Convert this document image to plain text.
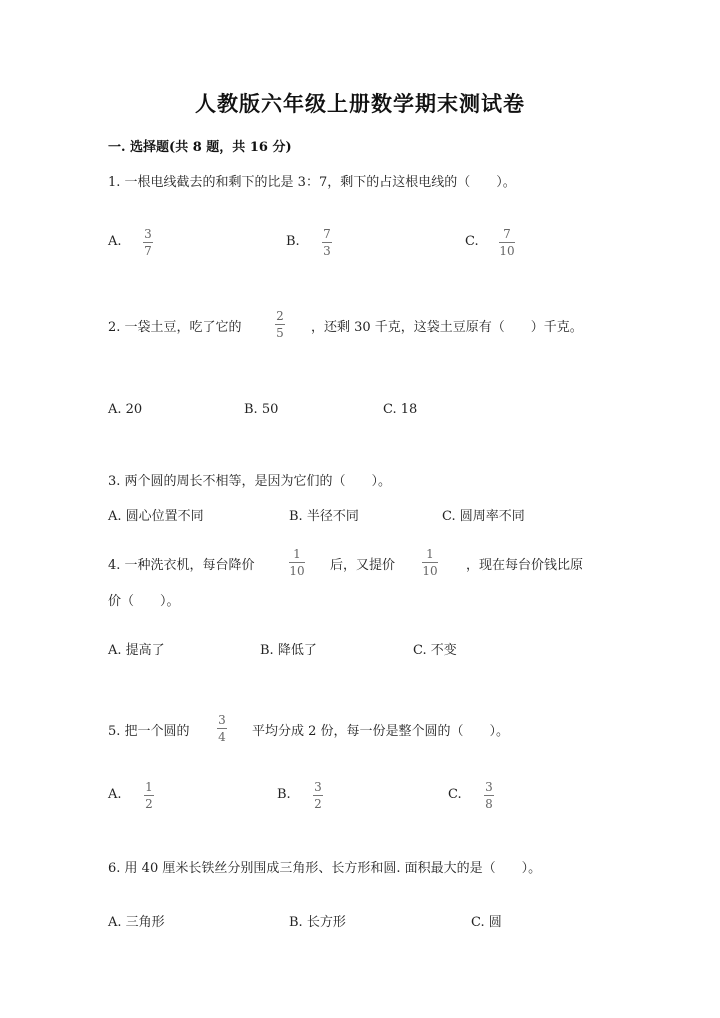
人教版六年级上册数学期末测试卷
一. 选择题(共 8 题，共 16 分)
1. 一根电线截去的和剩下的比是 3：7，剩下的占这根电线的（　　）。
A. 3
7
B. 7
3
C. 7
10
2. 一袋土豆，吃了它的
2
5 ，还剩 30 千克，这袋土豆原有（　　）千克。
A. 20	B. 50	C. 18
3. 两个圆的周长不相等，是因为它们的（　　）。
A. 圆心位置不同	B. 半径不同	C. 圆周率不同
4. 一种洗衣机，每台降价
1
10 后，又提价
1
10 ，现在每台价钱比原
价（　　）。
A. 提高了	B. 降低了	C. 不变
5. 把一个圆的
3
4 平均分成 2 份，每一份是整个圆的（　　）。
A. 1
2
B. 3
2
C. 3
8
6. 用 40 厘米长铁丝分别围成三角形、长方形和圆. 面积最大的是（　　）。
A. 三角形	B. 长方形	C. 圆
